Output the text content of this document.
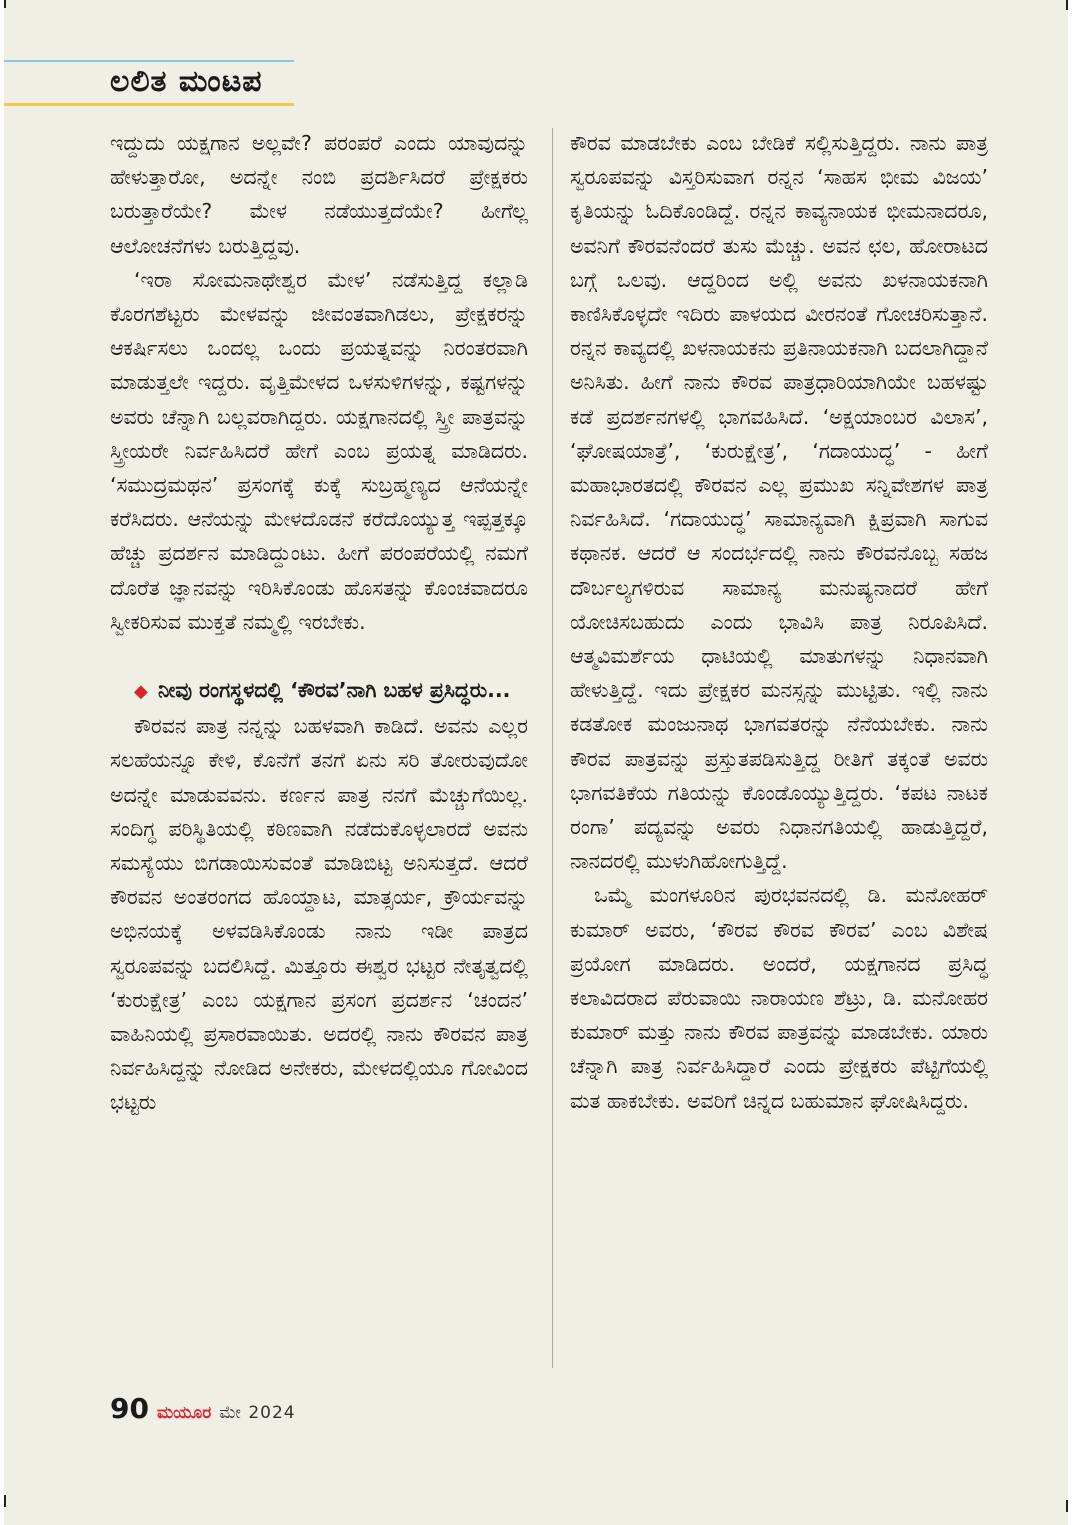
ಲಲಿತ ಮಂಟಪ

ಇದ್ದುದು ಯಕ್ಷಗಾನ ಅಲ್ಲವೇ? ಪರಂಪರೆ ಎಂದು ಯಾವುದನ್ನು ಹೇಳುತ್ತಾರೋ, ಅದನ್ನೇ ನಂಬಿ ಪ್ರದರ್ಶಿಸಿದರೆ ಪ್ರೇಕ್ಷಕರು ಬರುತ್ತಾರೆಯೇ? ಮೇಳ ನಡೆಯುತ್ತದೆಯೇ? ಹೀಗೆಲ್ಲ ಆಲೋಚನೆಗಳು ಬರುತ್ತಿದ್ದವು.

‘ಇರಾ ಸೋಮನಾಥೇಶ್ವರ ಮೇಳ’ ನಡೆಸುತ್ತಿದ್ದ ಕಲ್ಲಾಡಿ ಕೊರಗಶೆಟ್ಟರು ಮೇಳವನ್ನು ಜೀವಂತವಾಗಿಡಲು, ಪ್ರೇಕ್ಷಕರನ್ನು ಆಕರ್ಷಿಸಲು ಒಂದಲ್ಲ ಒಂದು ಪ್ರಯತ್ನವನ್ನು ನಿರಂತರವಾಗಿ ಮಾಡುತ್ತಲೇ ಇದ್ದರು. ವೃತ್ತಿಮೇಳದ ಒಳಸುಳಿಗಳನ್ನು, ಕಷ್ಟಗಳನ್ನು ಅವರು ಚೆನ್ನಾಗಿ ಬಲ್ಲವರಾಗಿದ್ದರು. ಯಕ್ಷಗಾನದಲ್ಲಿ ಸ್ತ್ರೀ ಪಾತ್ರವನ್ನು ಸ್ತ್ರೀಯರೇ ನಿರ್ವಹಿಸಿದರೆ ಹೇಗೆ ಎಂಬ ಪ್ರಯತ್ನ ಮಾಡಿದರು. ‘ಸಮುದ್ರಮಥನ’ ಪ್ರಸಂಗಕ್ಕೆ ಕುಕ್ಕೆ ಸುಬ್ರಹ್ಮಣ್ಯದ ಆನೆಯನ್ನೇ ಕರೆಸಿದರು. ಆನೆಯನ್ನು ಮೇಳದೊಡನೆ ಕರೆದೊಯ್ಯುತ್ತ ಇಪ್ಪತ್ತಕ್ಕೂ ಹೆಚ್ಚು ಪ್ರದರ್ಶನ ಮಾಡಿದ್ದುಂಟು. ಹೀಗೆ ಪರಂಪರೆಯಲ್ಲಿ ನಮಗೆ ದೊರೆತ ಜ್ಞಾನವನ್ನು ಇರಿಸಿಕೊಂಡು ಹೊಸತನ್ನು ಕೊಂಚವಾದರೂ ಸ್ವೀಕರಿಸುವ ಮುಕ್ತತೆ ನಮ್ಮಲ್ಲಿ ಇರಬೇಕು.

◆ ನೀವು ರಂಗಸ್ಥಳದಲ್ಲಿ ‘ಕೌರವ’ನಾಗಿ ಬಹಳ ಪ್ರಸಿದ್ಧರು...

ಕೌರವನ ಪಾತ್ರ ನನ್ನನ್ನು ಬಹಳವಾಗಿ ಕಾಡಿದೆ. ಅವನು ಎಲ್ಲರ ಸಲಹೆಯನ್ನೂ ಕೇಳಿ, ಕೊನೆಗೆ ತನಗೆ ಏನು ಸರಿ ತೋರುವುದೋ ಅದನ್ನೇ ಮಾಡುವವನು. ಕರ್ಣನ ಪಾತ್ರ ನನಗೆ ಮೆಚ್ಚುಗೆಯಿಲ್ಲ. ಸಂದಿಗ್ಧ ಪರಿಸ್ಥಿತಿಯಲ್ಲಿ ಕಠಿಣವಾಗಿ ನಡೆದುಕೊಳ್ಳಲಾರದೆ ಅವನು ಸಮಸ್ಯೆಯು ಬಿಗಡಾಯಿಸುವಂತೆ ಮಾಡಿಬಿಟ್ಟ ಅನಿಸುತ್ತದೆ. ಆದರೆ ಕೌರವನ ಅಂತರಂಗದ ಹೊಯ್ದಾಟ, ಮಾತ್ಸರ್ಯ, ಕ್ರೌರ್ಯವನ್ನು ಅಭಿನಯಕ್ಕೆ ಅಳವಡಿಸಿಕೊಂಡು ನಾನು ಇಡೀ ಪಾತ್ರದ ಸ್ವರೂಪವನ್ನು ಬದಲಿಸಿದ್ದೆ. ಮಿತ್ತೂರು ಈಶ್ವರ ಭಟ್ಟರ ನೇತೃತ್ವದಲ್ಲಿ ‘ಕುರುಕ್ಷೇತ್ರ’ ಎಂಬ ಯಕ್ಷಗಾನ ಪ್ರಸಂಗ ಪ್ರದರ್ಶನ ‘ಚಂದನ’ ವಾಹಿನಿಯಲ್ಲಿ ಪ್ರಸಾರವಾಯಿತು. ಅದರಲ್ಲಿ ನಾನು ಕೌರವನ ಪಾತ್ರ ನಿರ್ವಹಿಸಿದ್ದನ್ನು ನೋಡಿದ ಅನೇಕರು, ಮೇಳದಲ್ಲಿಯೂ ಗೋವಿಂದ ಭಟ್ಟರು

ಕೌರವ ಮಾಡಬೇಕು ಎಂಬ ಬೇಡಿಕೆ ಸಲ್ಲಿಸುತ್ತಿದ್ದರು. ನಾನು ಪಾತ್ರ ಸ್ವರೂಪವನ್ನು ವಿಸ್ತರಿಸುವಾಗ ರನ್ನನ ‘ಸಾಹಸ ಭೀಮ ವಿಜಯ’ ಕೃತಿಯನ್ನು ಓದಿಕೊಂಡಿದ್ದೆ. ರನ್ನನ ಕಾವ್ಯನಾಯಕ ಭೀಮನಾದರೂ, ಅವನಿಗೆ ಕೌರವನೆಂದರೆ ತುಸು ಮೆಚ್ಚು. ಅವನ ಛಲ, ಹೋರಾಟದ ಬಗ್ಗೆ ಒಲವು. ಆದ್ದರಿಂದ ಅಲ್ಲಿ ಅವನು ಖಳನಾಯಕನಾಗಿ ಕಾಣಿಸಿಕೊಳ್ಳದೇ ಇದಿರು ಪಾಳಯದ ವೀರನಂತೆ ಗೋಚರಿಸುತ್ತಾನೆ. ರನ್ನನ ಕಾವ್ಯದಲ್ಲಿ ಖಳನಾಯಕನು ಪ್ರತಿನಾಯಕನಾಗಿ ಬದಲಾಗಿದ್ದಾನೆ ಅನಿಸಿತು. ಹೀಗೆ ನಾನು ಕೌರವ ಪಾತ್ರಧಾರಿಯಾಗಿಯೇ ಬಹಳಷ್ಟು ಕಡೆ ಪ್ರದರ್ಶನಗಳಲ್ಲಿ ಭಾಗವಹಿಸಿದೆ. ‘ಅಕ್ಷಯಾಂಬರ ವಿಲಾಸ’, ‘ಘೋಷಯಾತ್ರೆ’, ‘ಕುರುಕ್ಷೇತ್ರ’, ‘ಗದಾಯುದ್ಧ’ - ಹೀಗೆ ಮಹಾಭಾರತದಲ್ಲಿ ಕೌರವನ ಎಲ್ಲ ಪ್ರಮುಖ ಸನ್ನಿವೇಶಗಳ ಪಾತ್ರ ನಿರ್ವಹಿಸಿದೆ. ‘ಗದಾಯುದ್ಧ’ ಸಾಮಾನ್ಯವಾಗಿ ಕ್ಷಿಪ್ರವಾಗಿ ಸಾಗುವ ಕಥಾನಕ. ಆದರೆ ಆ ಸಂದರ್ಭದಲ್ಲಿ ನಾನು ಕೌರವನೊಬ್ಬ ಸಹಜ ದೌರ್ಬಲ್ಯಗಳಿರುವ ಸಾಮಾನ್ಯ ಮನುಷ್ಯನಾದರೆ ಹೇಗೆ ಯೋಚಿಸಬಹುದು ಎಂದು ಭಾವಿಸಿ ಪಾತ್ರ ನಿರೂಪಿಸಿದೆ. ಆತ್ಮವಿಮರ್ಶೆಯ ಧಾಟಿಯಲ್ಲಿ ಮಾತುಗಳನ್ನು ನಿಧಾನವಾಗಿ ಹೇಳುತ್ತಿದ್ದೆ. ಇದು ಪ್ರೇಕ್ಷಕರ ಮನಸ್ಸನ್ನು ಮುಟ್ಟಿತು. ಇಲ್ಲಿ ನಾನು ಕಡತೋಕ ಮಂಜುನಾಥ ಭಾಗವತರನ್ನು ನೆನೆಯಬೇಕು. ನಾನು ಕೌರವ ಪಾತ್ರವನ್ನು ಪ್ರಸ್ತುತಪಡಿಸುತ್ತಿದ್ದ ರೀತಿಗೆ ತಕ್ಕಂತೆ ಅವರು ಭಾಗವತಿಕೆಯ ಗತಿಯನ್ನು ಕೊಂಡೊಯ್ಯುತ್ತಿದ್ದರು. ‘ಕಪಟ ನಾಟಕ ರಂಗಾ’ ಪದ್ಯವನ್ನು ಅವರು ನಿಧಾನಗತಿಯಲ್ಲಿ ಹಾಡುತ್ತಿದ್ದರೆ, ನಾನದರಲ್ಲಿ ಮುಳುಗಿಹೋಗುತ್ತಿದ್ದೆ.

ಒಮ್ಮೆ ಮಂಗಳೂರಿನ ಪುರಭವನದಲ್ಲಿ ಡಿ. ಮನೋಹರ್ ಕುಮಾರ್ ಅವರು, ‘ಕೌರವ ಕೌರವ ಕೌರವ’ ಎಂಬ ವಿಶೇಷ ಪ್ರಯೋಗ ಮಾಡಿದರು. ಅಂದರೆ, ಯಕ್ಷಗಾನದ ಪ್ರಸಿದ್ಧ ಕಲಾವಿದರಾದ ಪೆರುವಾಯಿ ನಾರಾಯಣ ಶೆಟ್ರು, ಡಿ. ಮನೋಹರ ಕುಮಾರ್ ಮತ್ತು ನಾನು ಕೌರವ ಪಾತ್ರವನ್ನು ಮಾಡಬೇಕು. ಯಾರು ಚೆನ್ನಾಗಿ ಪಾತ್ರ ನಿರ್ವಹಿಸಿದ್ದಾರೆ ಎಂದು ಪ್ರೇಕ್ಷಕರು ಪೆಟ್ಟಿಗೆಯಲ್ಲಿ ಮತ ಹಾಕಬೇಕು. ಅವರಿಗೆ ಚಿನ್ನದ ಬಹುಮಾನ ಘೋಷಿಸಿದ್ದರು.

90 ಮಯೂರ ಮೇ 2024
